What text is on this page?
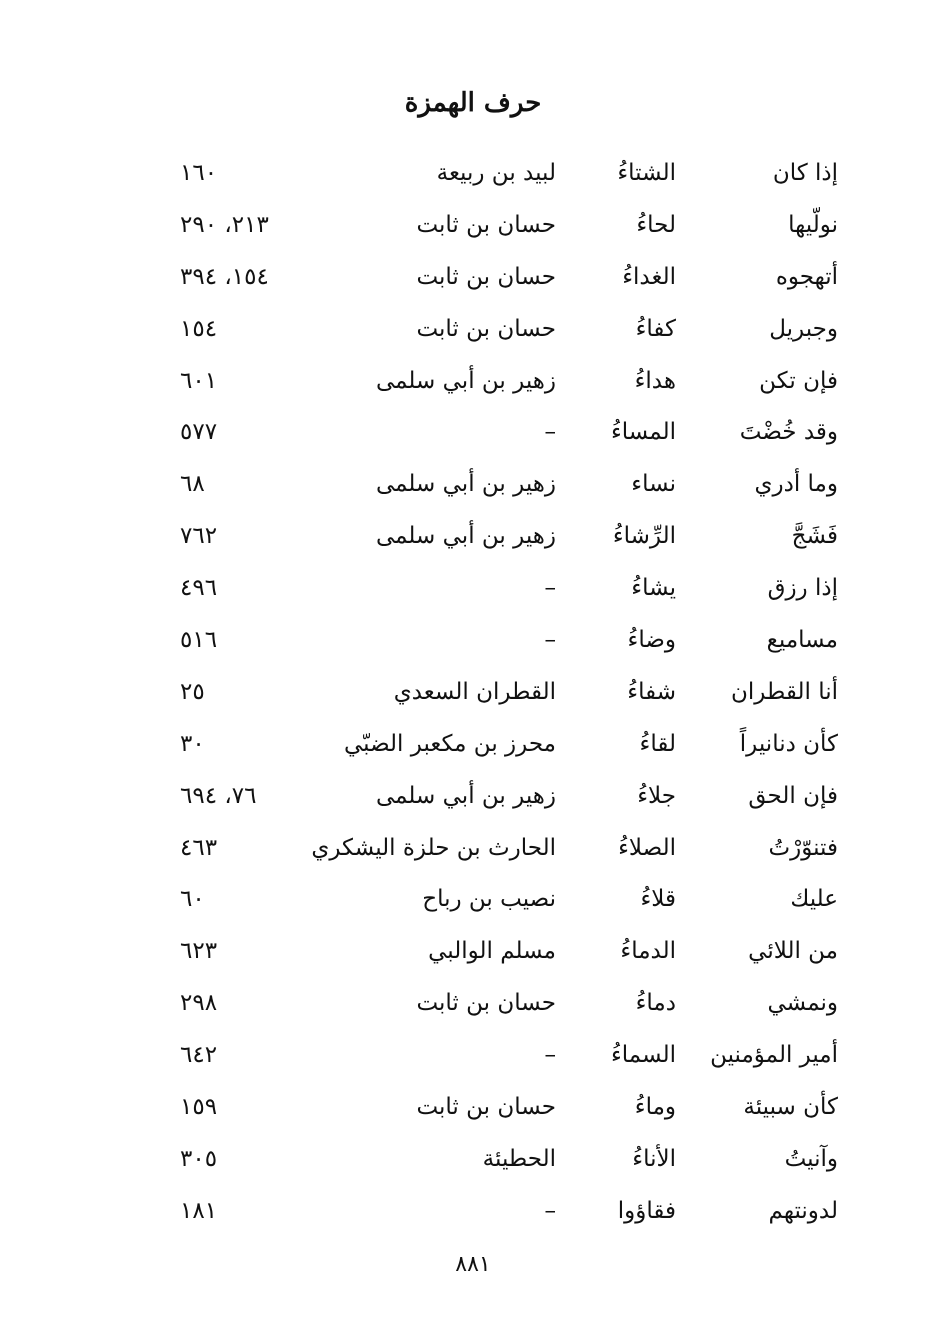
حرف الهمزة
إذا كان
الشتاءُ
لبيد بن ربيعة
١٦٠
نولّيها
لحاءُ
حسان بن ثابت
٢١٣، ٢٩٠
أتهجوه
الغداءُ
حسان بن ثابت
١٥٤، ٣٩٤
وجبريل
كفاءُ
حسان بن ثابت
١٥٤
فإن تكن
هداءُ
زهير بن أبي سلمى
٦٠١
وقد خُضْتَ
المساءُ
–
٥٧٧
وما أدري
نساء
زهير بن أبي سلمى
٦٨
فَشَجَّ
الرِّشاءُ
زهير بن أبي سلمى
٧٦٢
إذا رزق
يشاءُ
–
٤٩٦
مساميع
وضاءُ
–
٥١٦
أنا القطران
شفاءُ
القطران السعدي
٢٥
كأن دنانيراً
لقاءُ
محرز بن مكعبر الضبّي
٣٠
فإن الحق
جلاءُ
زهير بن أبي سلمى
٧٦، ٦٩٤
فتنوّرْتُ
الصلاءُ
الحارث بن حلزة اليشكري
٤٦٣
عليك
قلاءُ
نصيب بن رباح
٦٠
من اللائي
الدماءُ
مسلم الوالبي
٦٢٣
ونمشي
دماءُ
حسان بن ثابت
٢٩٨
أمير المؤمنين
السماءُ
–
٦٤٢
كأن سبيئة
وماءُ
حسان بن ثابت
١٥٩
وآنيتُ
الأناءُ
الحطيئة
٣٠٥
لدونتهم
فقاؤوا
–
١٨١
٨٨١
